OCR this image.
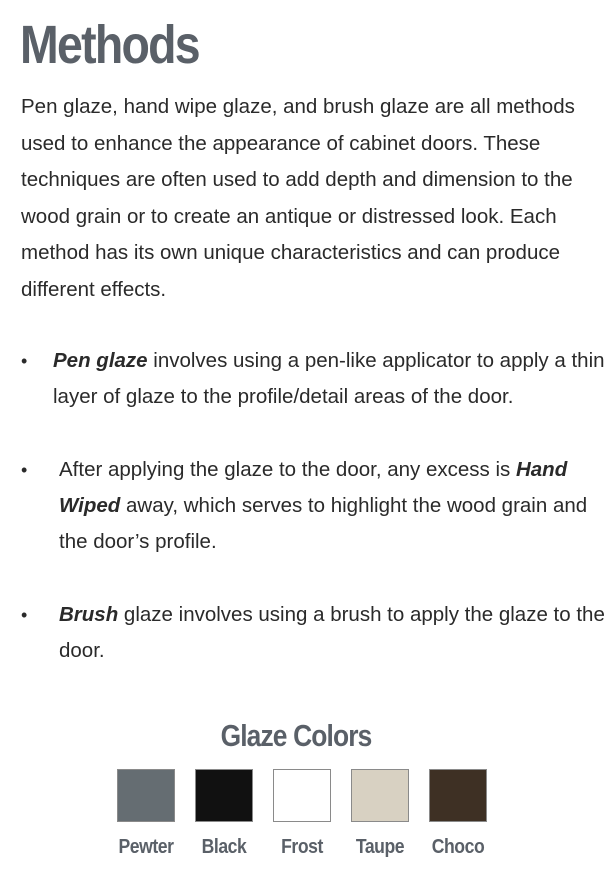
Methods

Pen glaze, hand wipe glaze, and brush glaze are all methods used to enhance the appearance of cabinet doors. These techniques are often used to add depth and dimension to the wood grain or to create an antique or distressed look. Each method has its own unique characteristics and can produce different effects.

•	Pen glaze involves using a pen-like applicator to apply a thin layer of glaze to the profile/detail areas of the door.
•	After applying the glaze to the door, any excess is Hand Wiped away, which serves to highlight the wood grain and the door’s profile.
•	Brush glaze involves using a brush to apply the glaze to the door.
Glaze Colors
Pewter	Black	Frost	Taupe	Choco
